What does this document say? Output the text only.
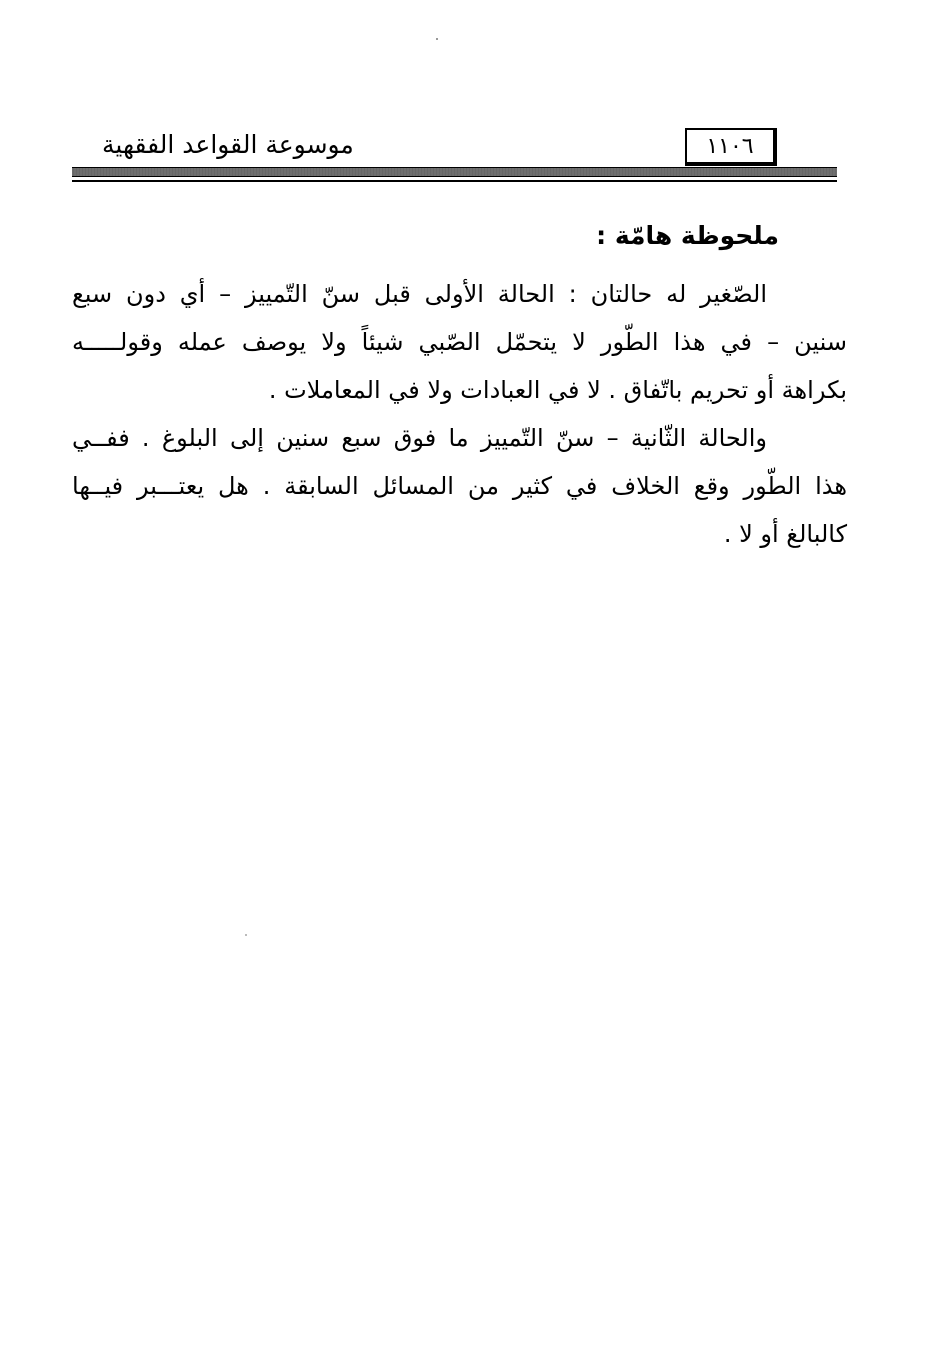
موسوعة القواعد الفقهية	١١٠٦
ملحوظة هامّة :

الصّغير له حالتان : الحالة الأولى قبل سنّ التّمييز – أي دون سبع
سنين – في هذا الطّور لا يتحمّل الصّبي شيئاً ولا يوصف عمله وقولـــــه
بكراهة أو تحريم باتّفاق . لا في العبادات ولا في المعاملات .

والحالة الثّانية – سنّ التّمييز ما فوق سبع سنين إلى البلوغ . ففــي
هذا الطّور وقع الخلاف في كثير من المسائل السابقة . هل يعتـــبر فيــها
كالبالغ أو لا .
